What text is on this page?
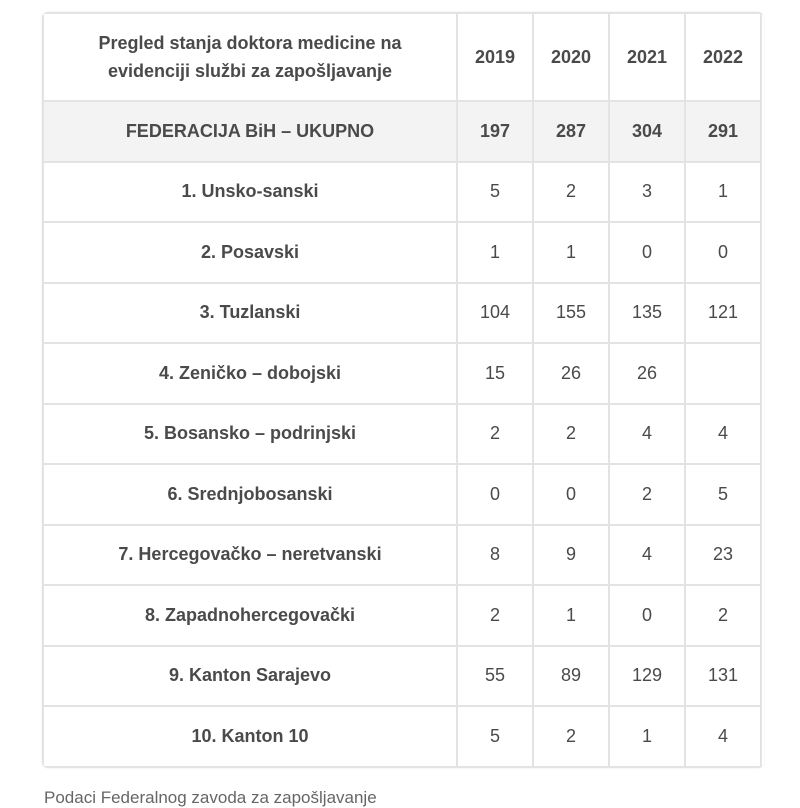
Pregled stanja doktora medicine na evidenciji službi za zapošljavanje	2019	2020	2021	2022
FEDERACIJA BiH – UKUPNO	197	287	304	291
1. Unsko-sanski	5	2	3	1
2. Posavski	1	1	0	0
3. Tuzlanski	104	155	135	121
4. Zeničko – dobojski	15	26	26	
5. Bosansko – podrinjski	2	2	4	4
6. Srednjobosanski	0	0	2	5
7. Hercegovačko – neretvanski	8	9	4	23
8. Zapadnohercegovački	2	1	0	2
9. Kanton Sarajevo	55	89	129	131
10. Kanton 10	5	2	1	4
Podaci Federalnog zavoda za zapošljavanje
